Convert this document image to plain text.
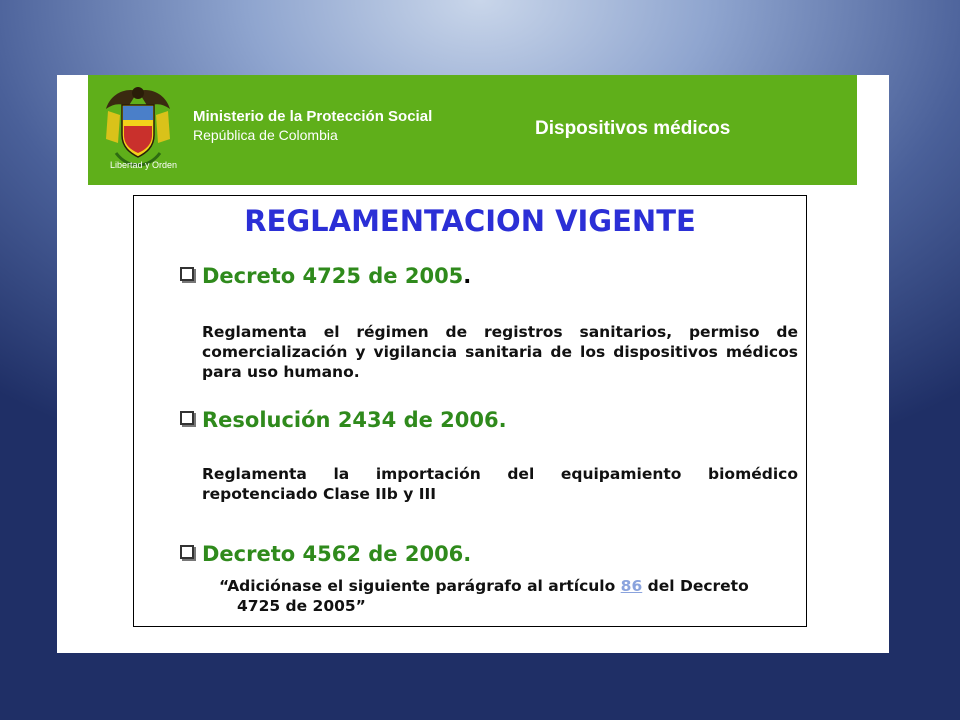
Libertad y Orden
Ministerio de la Protección Social
República de Colombia	Dispositivos médicos
REGLAMENTACION VIGENTE
Decreto 4725 de 2005.
Reglamenta el régimen de registros sanitarios, permiso de comercialización y vigilancia sanitaria de los dispositivos médicos para uso humano.
Resolución 2434 de 2006.
Reglamenta la importación del equipamiento biomédico repotenciado Clase IIb y III
Decreto 4562 de 2006.
“Adiciónase el siguiente parágrafo al artículo 86 del Decreto
4725 de 2005”
